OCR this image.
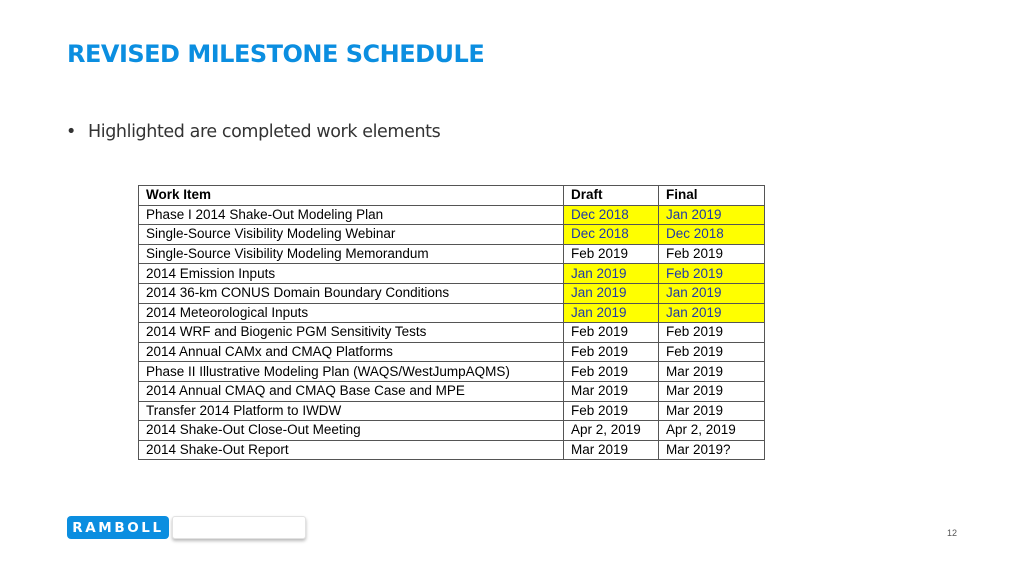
REVISED MILESTONE SCHEDULE
• Highlighted are completed work elements
Work Item	Draft	Final
Phase I 2014 Shake-Out Modeling Plan	Dec 2018	Jan 2019
Single-Source Visibility Modeling Webinar	Dec 2018	Dec 2018
Single-Source Visibility Modeling Memorandum	Feb 2019	Feb 2019
2014 Emission Inputs	Jan 2019	Feb 2019
2014 36-km CONUS Domain Boundary Conditions	Jan 2019	Jan 2019
2014 Meteorological Inputs	Jan 2019	Jan 2019
2014 WRF and Biogenic PGM Sensitivity Tests	Feb 2019	Feb 2019
2014 Annual CAMx and CMAQ Platforms	Feb 2019	Feb 2019
Phase II Illustrative Modeling Plan (WAQS/WestJumpAQMS)	Feb 2019	Mar 2019
2014 Annual CMAQ and CMAQ Base Case and MPE	Mar 2019	Mar 2019
Transfer 2014 Platform to IWDW	Feb 2019	Mar 2019
2014 Shake-Out Close-Out Meeting	Apr 2, 2019	Apr 2, 2019
2014 Shake-Out Report	Mar 2019	Mar 2019?
RAMBOLL	12
